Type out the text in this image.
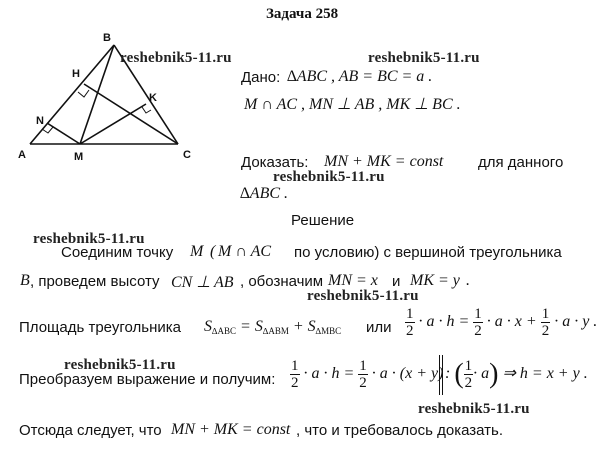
Задача 258
A
B
C
H
K
N
M
reshebnik5-11.ru	reshebnik5-11.ru
reshebnik5-11.ru
reshebnik5-11.ru
reshebnik5-11.ru
reshebnik5-11.ru
reshebnik5-11.ru
Дано: ∆ABC , AB = BC = a .
M ∩ AC , MN ⊥ AB , MK ⊥ BC .
Доказать: MN + MK = const для данного
∆ABC .
Решение
Соединим точку M ( M ∩ AC по условию) с вершиной треугольника
B , проведем высоту CN ⊥ AB , обозначим MN = x и MK = y .
Площадь треугольника $S_{\Delta ABC} = S_{\Delta ABM} + S_{\Delta MBC}$ или $\frac{1}{2} \cdot a \cdot h = \frac{1}{2} \cdot a \cdot x + \frac{1}{2} \cdot a \cdot y$ .
Преобразуем выражение и получим: $\frac{1}{2} \cdot a \cdot h = \frac{1}{2} \cdot a \cdot (x + y)$ : ( $\frac{1}{2} \cdot a$) ⇒ h = x + y .
Отсюда следует, что MN + MK = const , что и требовалось доказать.
